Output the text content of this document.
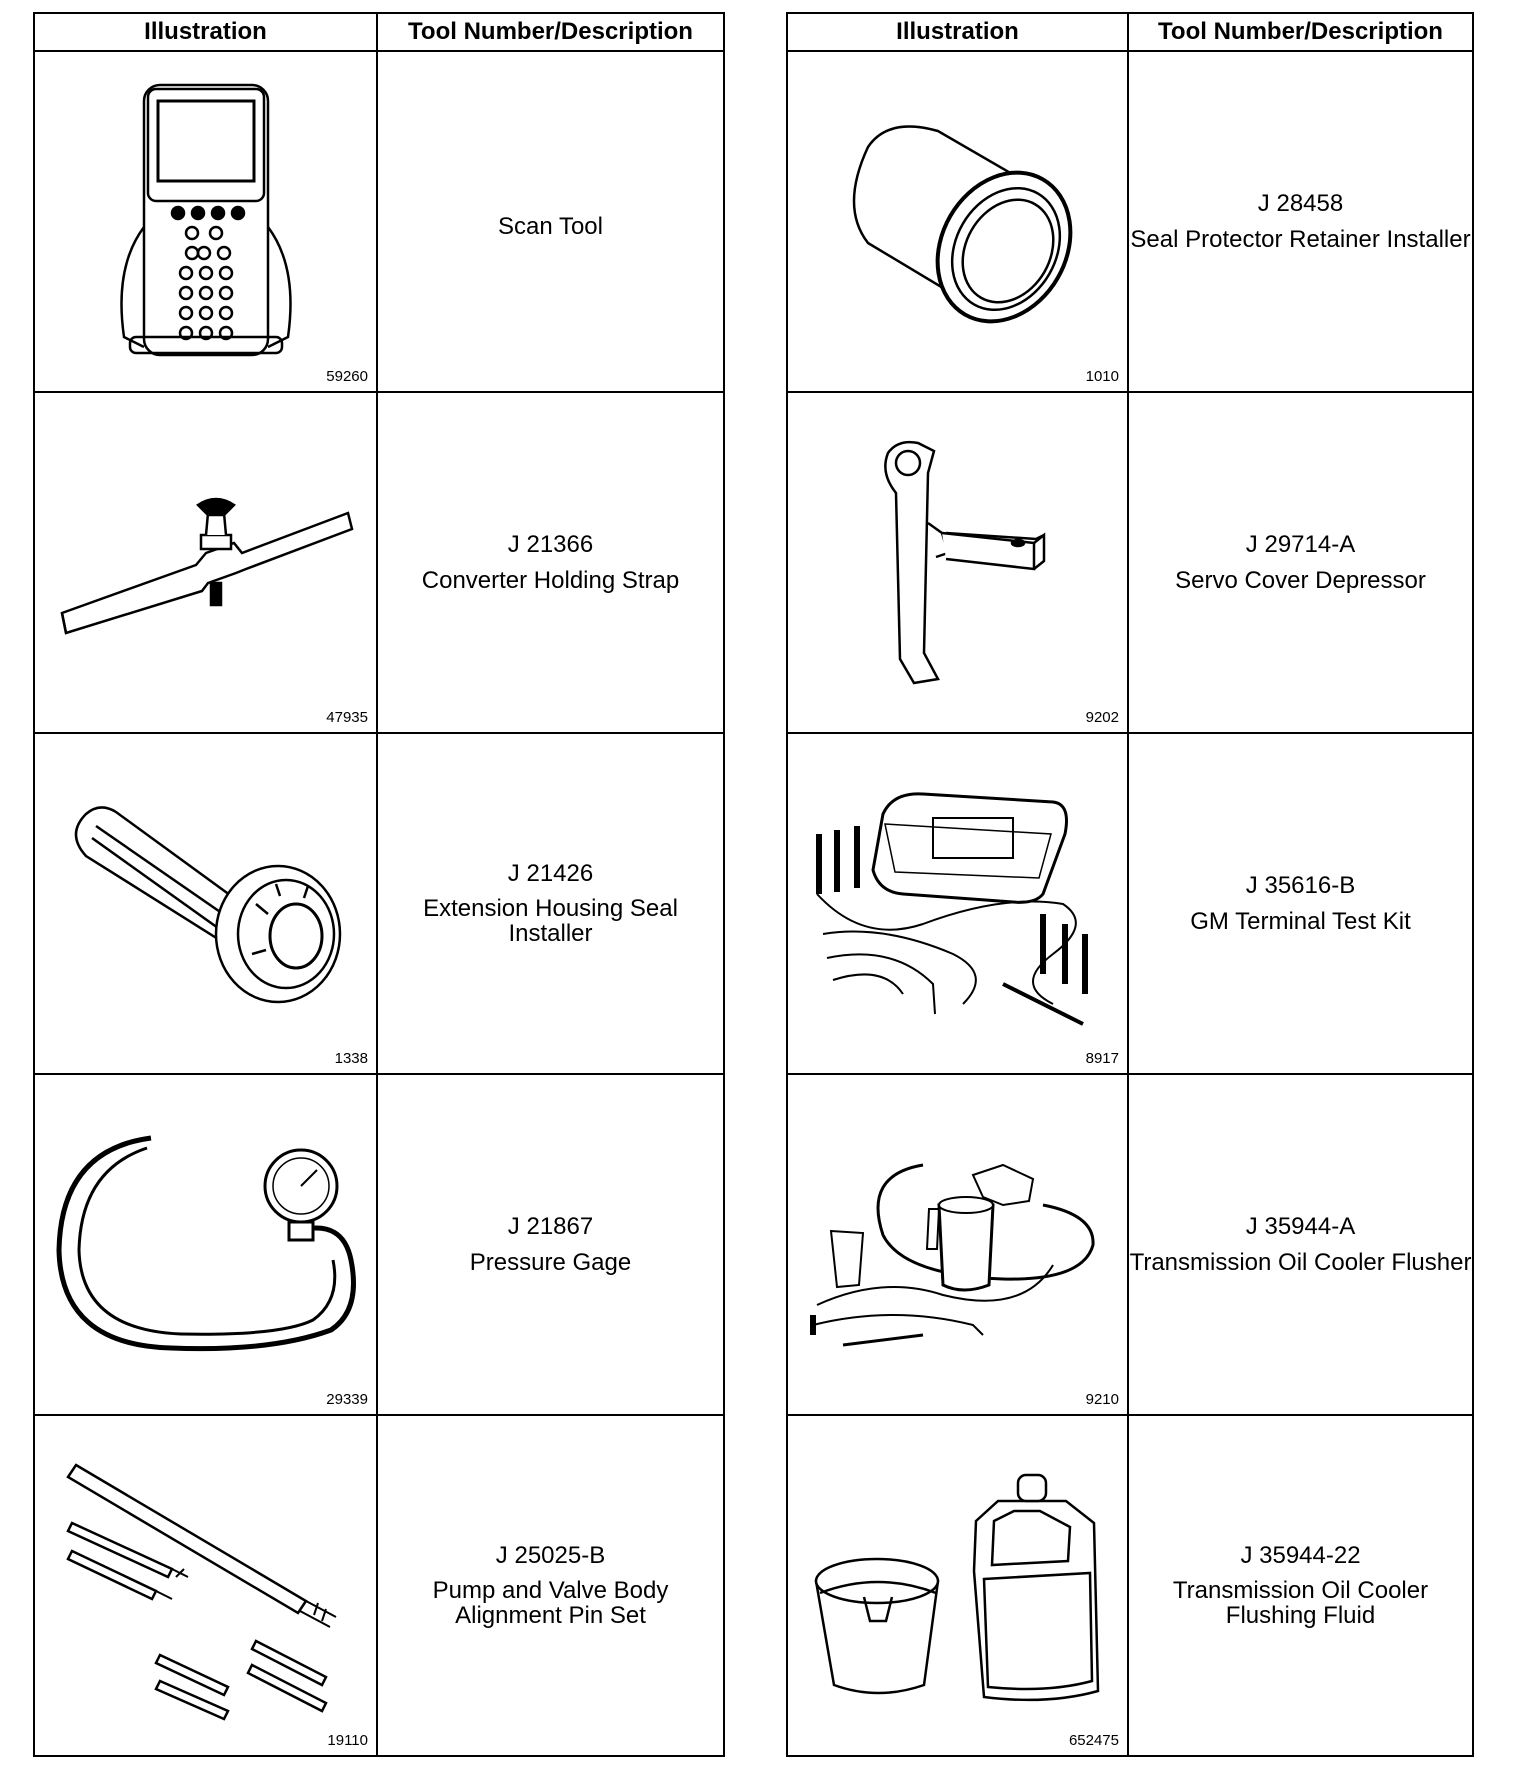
Illustration	Tool Number/Description

59260	Scan Tool

47935	J 21366
Converter Holding Strap

1338	J 21426
Extension Housing Seal Installer

29339	J 21867
Pressure Gage

19110	J 25025-B
Pump and Valve Body Alignment Pin Set
Illustration	Tool Number/Description

1010	J 28458
Seal Protector Retainer Installer

9202	J 29714-A
Servo Cover Depressor

8917	J 35616-B
GM Terminal Test Kit

9210	J 35944-A
Transmission Oil Cooler Flusher

652475	J 35944-22
Transmission Oil Cooler Flushing Fluid
